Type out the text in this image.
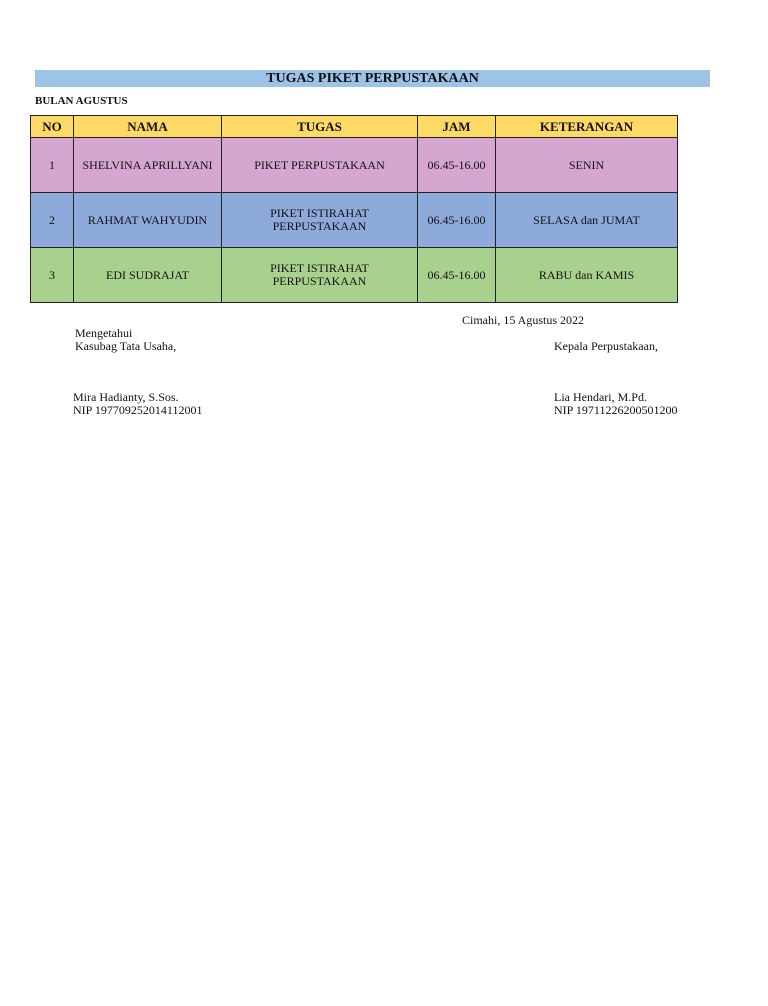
TUGAS PIKET PERPUSTAKAAN
BULAN AGUSTUS
NO	NAMA	TUGAS	JAM	KETERANGAN
1	SHELVINA APRILLYANI	PIKET PERPUSTAKAAN	06.45-16.00	SENIN
2	RAHMAT WAHYUDIN	PIKET ISTIRAHAT PERPUSTAKAAN	06.45-16.00	SELASA dan JUMAT
3	EDI SUDRAJAT	PIKET ISTIRAHAT PERPUSTAKAAN	06.45-16.00	RABU dan KAMIS
Cimahi, 15 Agustus 2022
Mengetahui
Kasubag Tata Usaha,
Mira Hadianty, S.Sos.
NIP 197709252014112001
Kepala Perpustakaan,
Lia Hendari, M.Pd.
NIP 19711226200501200
